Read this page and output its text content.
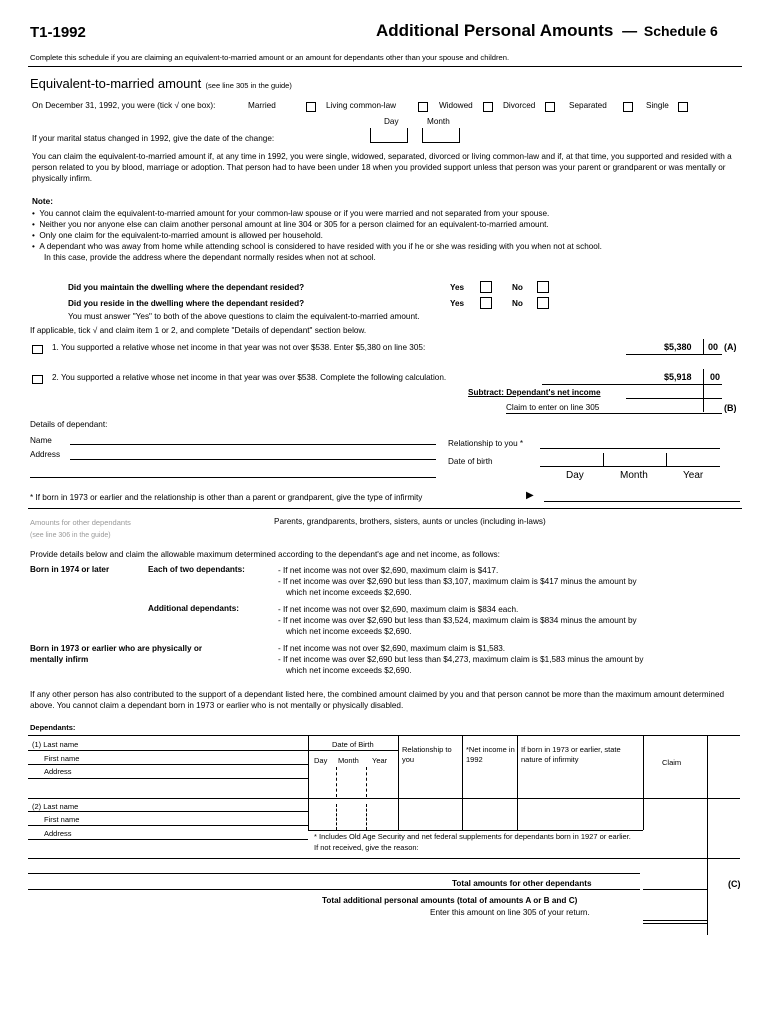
T1-1992	Additional Personal Amounts — Schedule 6
Complete this schedule if you are claiming an equivalent-to-married amount or an amount for dependants other than your spouse and children.
Equivalent-to-married amount (see line 305 in the guide)
On December 31, 1992, you were (tick √ one box):	Married	Living common-law	Widowed	Divorced	Separated	Single
Day	Month
If your marital status changed in 1992, give the date of the change:
You can claim the equivalent-to-married amount if, at any time in 1992, you were single, widowed, separated, divorced or living common-law and if, at that time, you supported and resided with a person related to you by blood, marriage or adoption. That person had to have been under 18 when you provided support unless that person was your parent or grandparent or was mentally or physically infirm.
Note:
•  You cannot claim the equivalent-to-married amount for your common-law spouse or if you were married and not separated from your spouse.
•  Neither you nor anyone else can claim another personal amount at line 304 or 305 for a person claimed for an equivalent-to-married amount.
•  Only one claim for the equivalent-to-married amount is allowed per household.
•  A dependant who was away from home while attending school is considered to have resided with you if he or she was residing with you when not at school.
In this case, provide the address where the dependant normally resides when not at school.
Did you maintain the dwelling where the dependant resided?	Yes	No
Did you reside in the dwelling where the dependant resided?	Yes	No
You must answer "Yes" to both of the above questions to claim the equivalent-to-married amount.
If applicable, tick √ and claim item 1 or 2, and complete "Details of dependant" section below.
1. You supported a relative whose net income in that year was not over $538. Enter $5,380 on line 305:	$5,380 00 (A)
2. You supported a relative whose net income in that year was over $538. Complete the following calculation.	$5,918 00
Subtract: Dependant's net income
Claim to enter on line 305	(B)
Details of dependant:
Name
Address
Relationship to you *
Date of birth
Day	Month	Year
* If born in 1973 or earlier and the relationship is other than a parent or grandparent, give the type of infirmity	▶
Amounts for other dependants
(see line 306 in the guide)
Parents, grandparents, brothers, sisters, aunts or uncles (including in-laws)
Provide details below and claim the allowable maximum determined according to the dependant's age and net income, as follows:
Born in 1974 or later	Each of two dependants:	- If net income was not over $2,690, maximum claim is $417.
- If net income was over $2,690 but less than $3,107, maximum claim is $417 minus the amount by
which net income exceeds $2,690.
Additional dependants:	- If net income was not over $2,690, maximum claim is $834 each.
- If net income was over $2,690 but less than $3,524, maximum claim is $834 minus the amount by
which net income exceeds $2,690.
Born in 1973 or earlier who are physically or
mentally infirm
- If net income was not over $2,690, maximum claim is $1,583.
- If net income was over $2,690 but less than $4,273, maximum claim is $1,583 minus the amount by
which net income exceeds $2,690.
If any other person has also contributed to the support of a dependant listed here, the combined amount claimed by you and that person cannot be more than the maximum amount determined above. You cannot claim a dependant born in 1973 or earlier who is not mentally or physically disabled.
Dependants:
(1) Last name
First name
Address
Date of Birth
Day Month Year
Relationship to you
*Net income in 1992
If born in 1973 or earlier, state nature of infirmity	Claim
(2) Last name
First name
Address	* Includes Old Age Security and net federal supplements for dependants born in 1927 or earlier. If not received, give the reason:
Total amounts for other dependants	(C)
Total additional personal amounts (total of amounts A or B and C)
Enter this amount on line 305 of your return.
